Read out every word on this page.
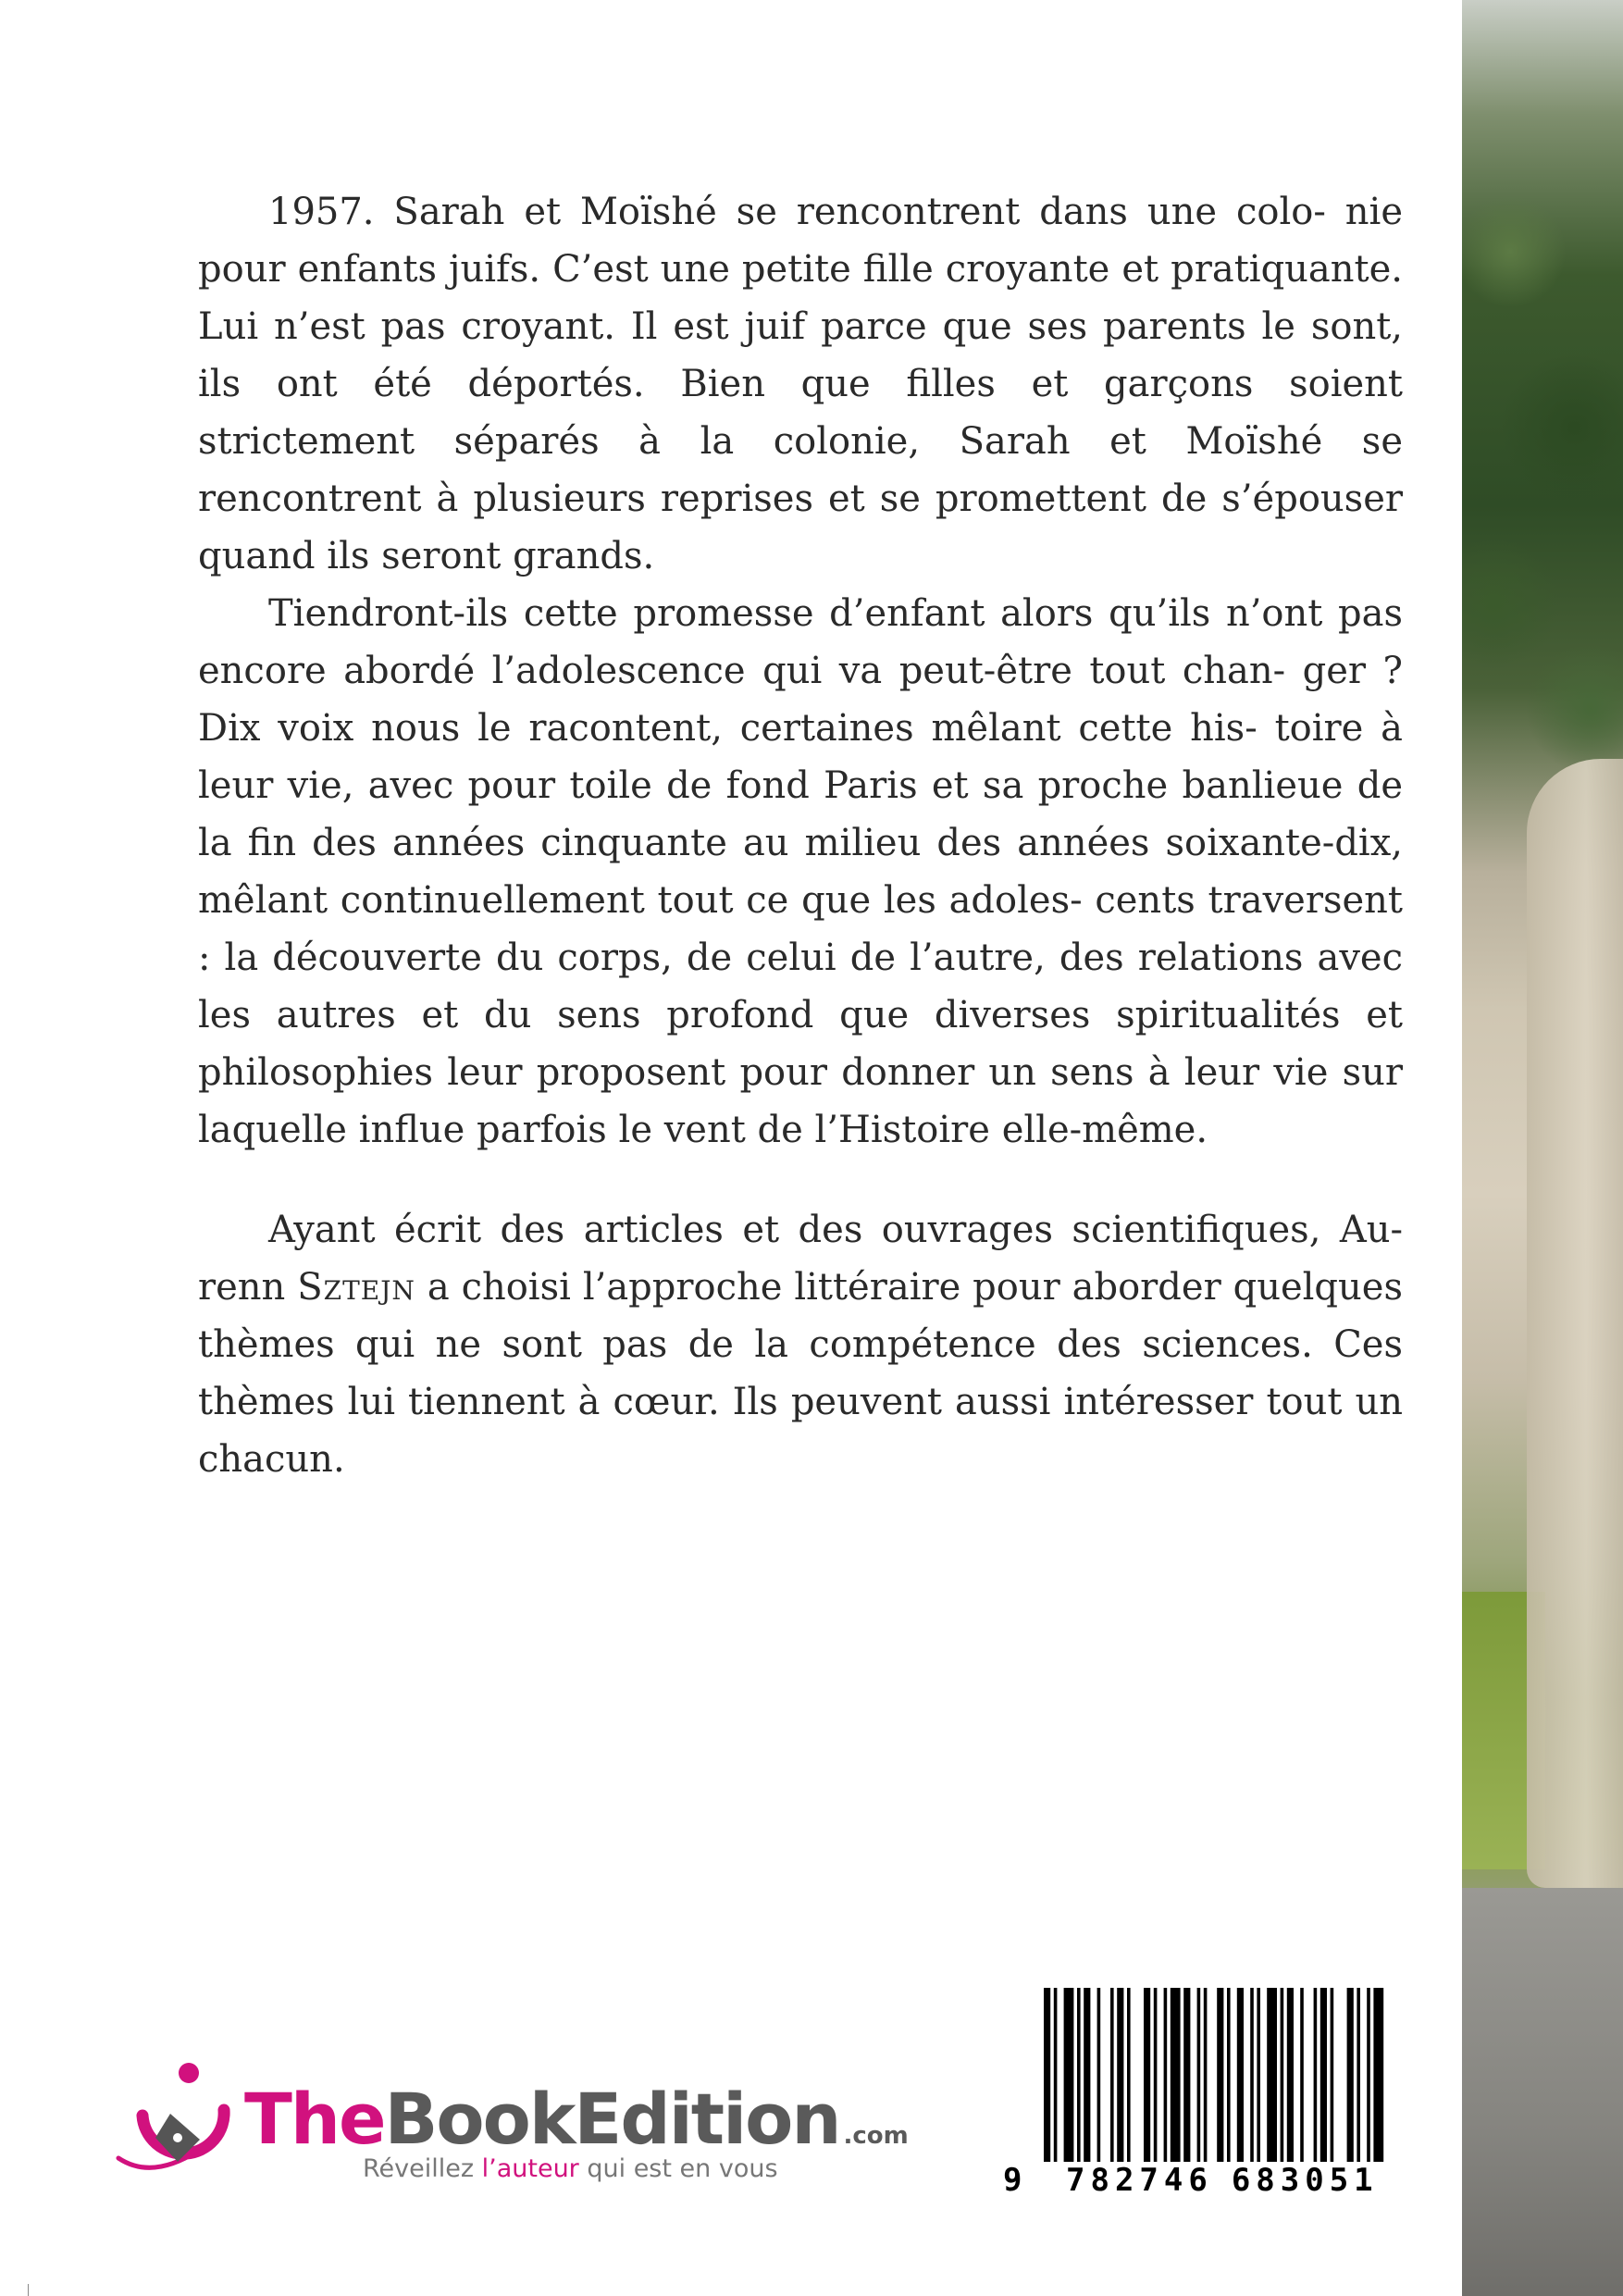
1957. Sarah et Moïshé se rencontrent dans une colo- nie pour enfants juifs. C’est une petite fille croyante et pratiquante. Lui n’est pas croyant. Il est juif parce que ses parents le sont, ils ont été déportés. Bien que filles et garçons soient strictement séparés à la colonie, Sarah et Moïshé se rencontrent à plusieurs reprises et se promettent de s’épouser quand ils seront grands.

Tiendront-ils cette promesse d’enfant alors qu’ils n’ont pas encore abordé l’adolescence qui va peut-être tout chan- ger ? Dix voix nous le racontent, certaines mêlant cette his- toire à leur vie, avec pour toile de fond Paris et sa proche banlieue de la fin des années cinquante au milieu des années soixante-dix, mêlant continuellement tout ce que les adoles- cents traversent : la découverte du corps, de celui de l’autre, des relations avec les autres et du sens profond que diverses spiritualités et philosophies leur proposent pour donner un sens à leur vie sur laquelle influe parfois le vent de l’Histoire elle-même.

Ayant écrit des articles et des ouvrages scientifiques, Au- renn Sztejn a choisi l’approche littéraire pour aborder quelques thèmes qui ne sont pas de la compétence des sciences. Ces thèmes lui tiennent à cœur. Ils peuvent aussi intéresser tout un chacun.

TheBookEdition .com
Réveillez l’auteur qui est en vous	9	782746 683051
